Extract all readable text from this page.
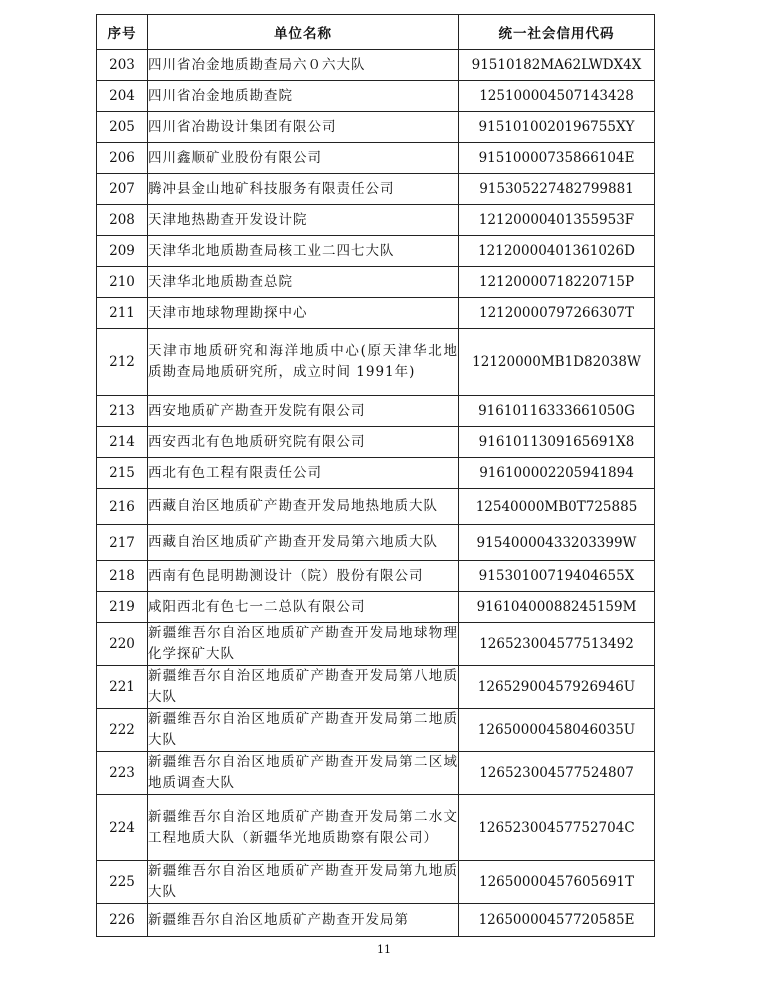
序号	单位名称	统一社会信用代码
203	四川省冶金地质勘查局六０六大队	91510182MA62LWDX4X
204	四川省冶金地质勘查院	125100004507143428
205	四川省冶勘设计集团有限公司	9151010020196755XY
206	四川鑫顺矿业股份有限公司	91510000735866104E
207	腾冲县金山地矿科技服务有限责任公司	915305227482799881
208	天津地热勘查开发设计院	12120000401355953F
209	天津华北地质勘查局核工业二四七大队	12120000401361026D
210	天津华北地质勘查总院	12120000718220715P
211	天津市地球物理勘探中心	12120000797266307T
212	天津市地质研究和海洋地质中心(原天津华北地质勘查局地质研究所，成立时间 1991年)	12120000MB1D82038W
213	西安地质矿产勘查开发院有限公司	91610116333661050G
214	西安西北有色地质研究院有限公司	9161011309165691X8
215	西北有色工程有限责任公司	916100002205941894
216	西藏自治区地质矿产勘查开发局地热地质大队	12540000MB0T725885
217	西藏自治区地质矿产勘查开发局第六地质大队	91540000433203399W
218	西南有色昆明勘测设计（院）股份有限公司	91530100719404655X
219	咸阳西北有色七一二总队有限公司	91610400088245159M
220	新疆维吾尔自治区地质矿产勘查开发局地球物理化学探矿大队	126523004577513492
221	新疆维吾尔自治区地质矿产勘查开发局第八地质大队	12652900457926946U
222	新疆维吾尔自治区地质矿产勘查开发局第二地质大队	12650000458046035U
223	新疆维吾尔自治区地质矿产勘查开发局第二区域地质调查大队	126523004577524807
224	新疆维吾尔自治区地质矿产勘查开发局第二水文工程地质大队（新疆华光地质勘察有限公司）	12652300457752704C
225	新疆维吾尔自治区地质矿产勘查开发局第九地质大队	12650000457605691T
226	新疆维吾尔自治区地质矿产勘查开发局第	12650000457720585E
11
